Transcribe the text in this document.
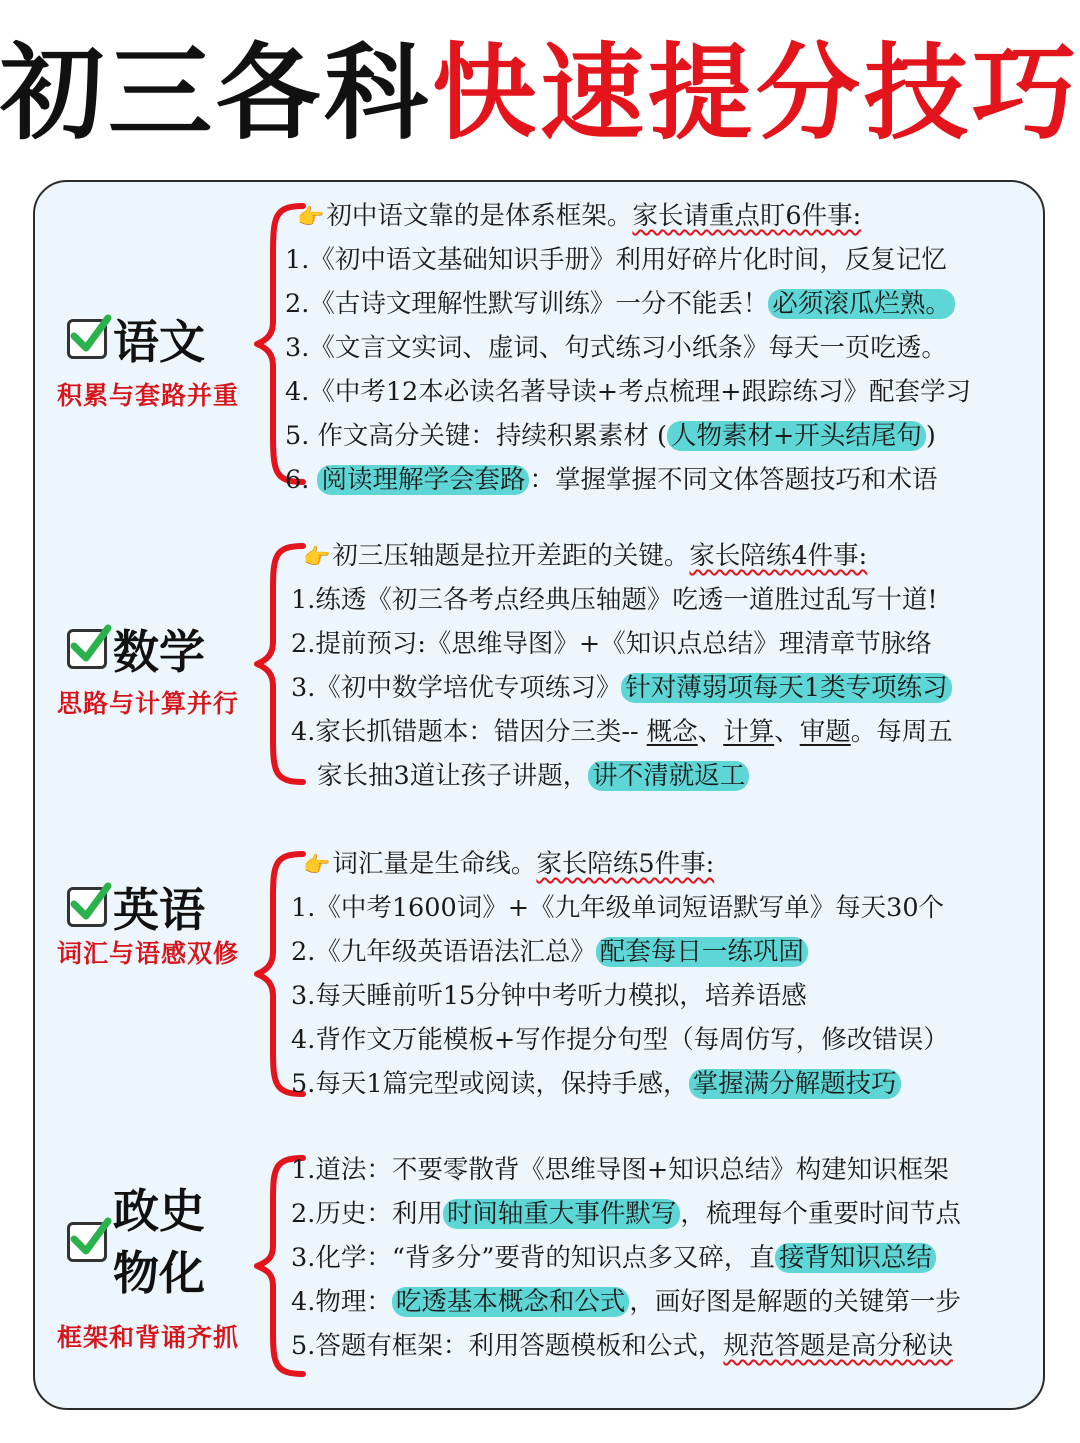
初三各科快速提分技巧
语文
积累与套路并重
👉初中语文靠的是体系框架。家长请重点盯6件事:
1.《初中语文基础知识手册》利用好碎片化时间，反复记忆
2.《古诗文理解性默写训练》一分不能丢！ 必须滚瓜烂熟。
3.《文言文实词、虚词、句式练习小纸条》每天一页吃透。
4.《中考12本必读名著导读+考点梳理+跟踪练习》配套学习
5. 作文高分关键：持续积累素材 ( 人物素材+开头结尾句 )
6. 阅读理解学会套路 ：掌握掌握不同文体答题技巧和术语
数学
思路与计算并行
👉初三压轴题是拉开差距的关键。家长陪练4件事:
1.练透《初三各考点经典压轴题》吃透一道胜过乱写十道!
2.提前预习:《思维导图》+《知识点总结》理清章节脉络
3.《初中数学培优专项练习》 针对薄弱项每天1类专项练习
4.家长抓错题本：错因分三类-- 概念、计算、审题。每周五
家长抽3道让孩子讲题， 讲不清就返工
英语
词汇与语感双修
👉词汇量是生命线。家长陪练5件事:
1.《中考1600词》+《九年级单词短语默写单》每天30个
2.《九年级英语语法汇总》 配套每日一练巩固
3.每天睡前听15分钟中考听力模拟，培养语感
4.背作文万能模板+写作提分句型（每周仿写，修改错误）
5.每天1篇完型或阅读，保持手感， 掌握满分解题技巧
政史
物化
框架和背诵齐抓
1.道法：不要零散背《思维导图+知识总结》构建知识框架
2.历史：利用 时间轴重大事件默写 ，梳理每个重要时间节点
3.化学：“背多分”要背的知识点多又碎，直 接背知识总结
4.物理： 吃透基本概念和公式 ，画好图是解题的关键第一步
5.答题有框架：利用答题模板和公式，规范答题是高分秘诀
